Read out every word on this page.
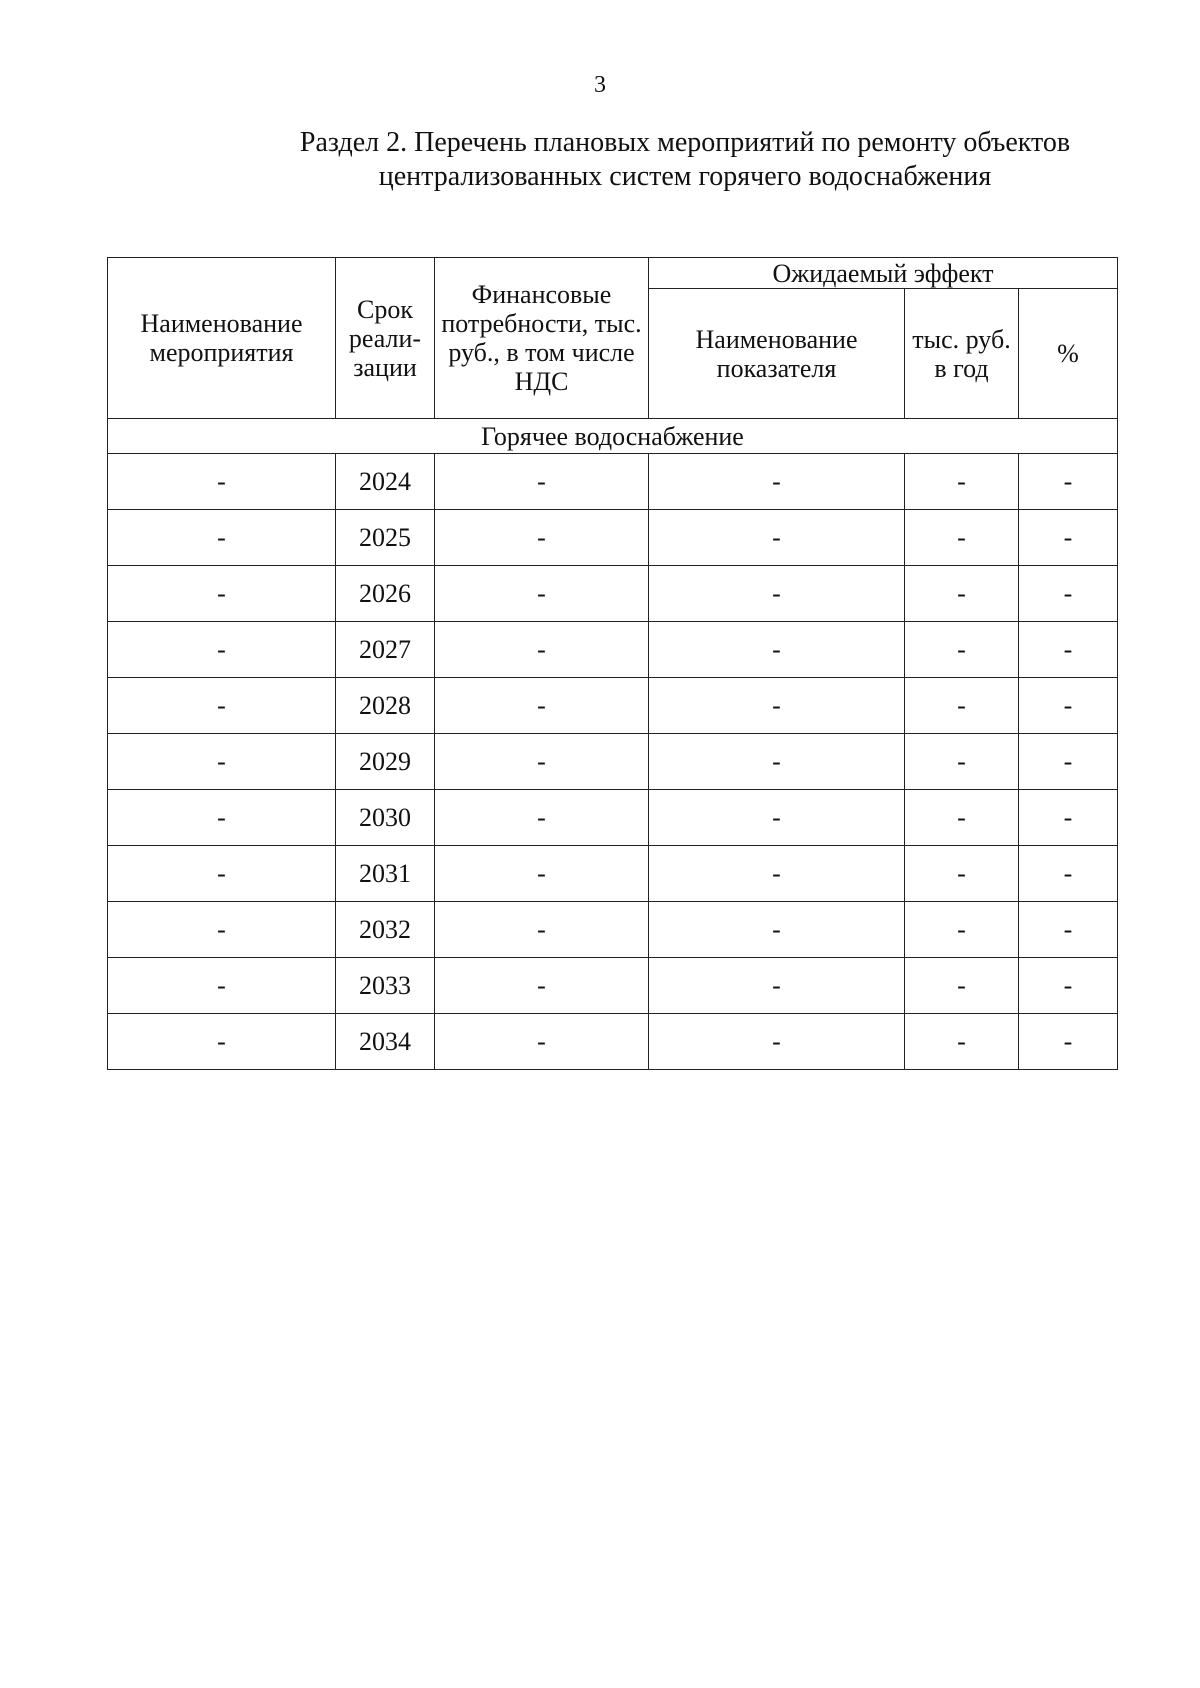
3
Раздел 2. Перечень плановых мероприятий по ремонту объектов
централизованных систем горячего водоснабжения
Наименование мероприятия	Срок реали-зации	Финансовые потребности, тыс. руб., в том числе НДС	Ожидаемый эффект		
			Наименование показателя	тыс. руб. в год	%
Горячее водоснабжение					
-	2024	-	-	-	-
-	2025	-	-	-	-
-	2026	-	-	-	-
-	2027	-	-	-	-
-	2028	-	-	-	-
-	2029	-	-	-	-
-	2030	-	-	-	-
-	2031	-	-	-	-
-	2032	-	-	-	-
-	2033	-	-	-	-
-	2034	-	-	-	-
